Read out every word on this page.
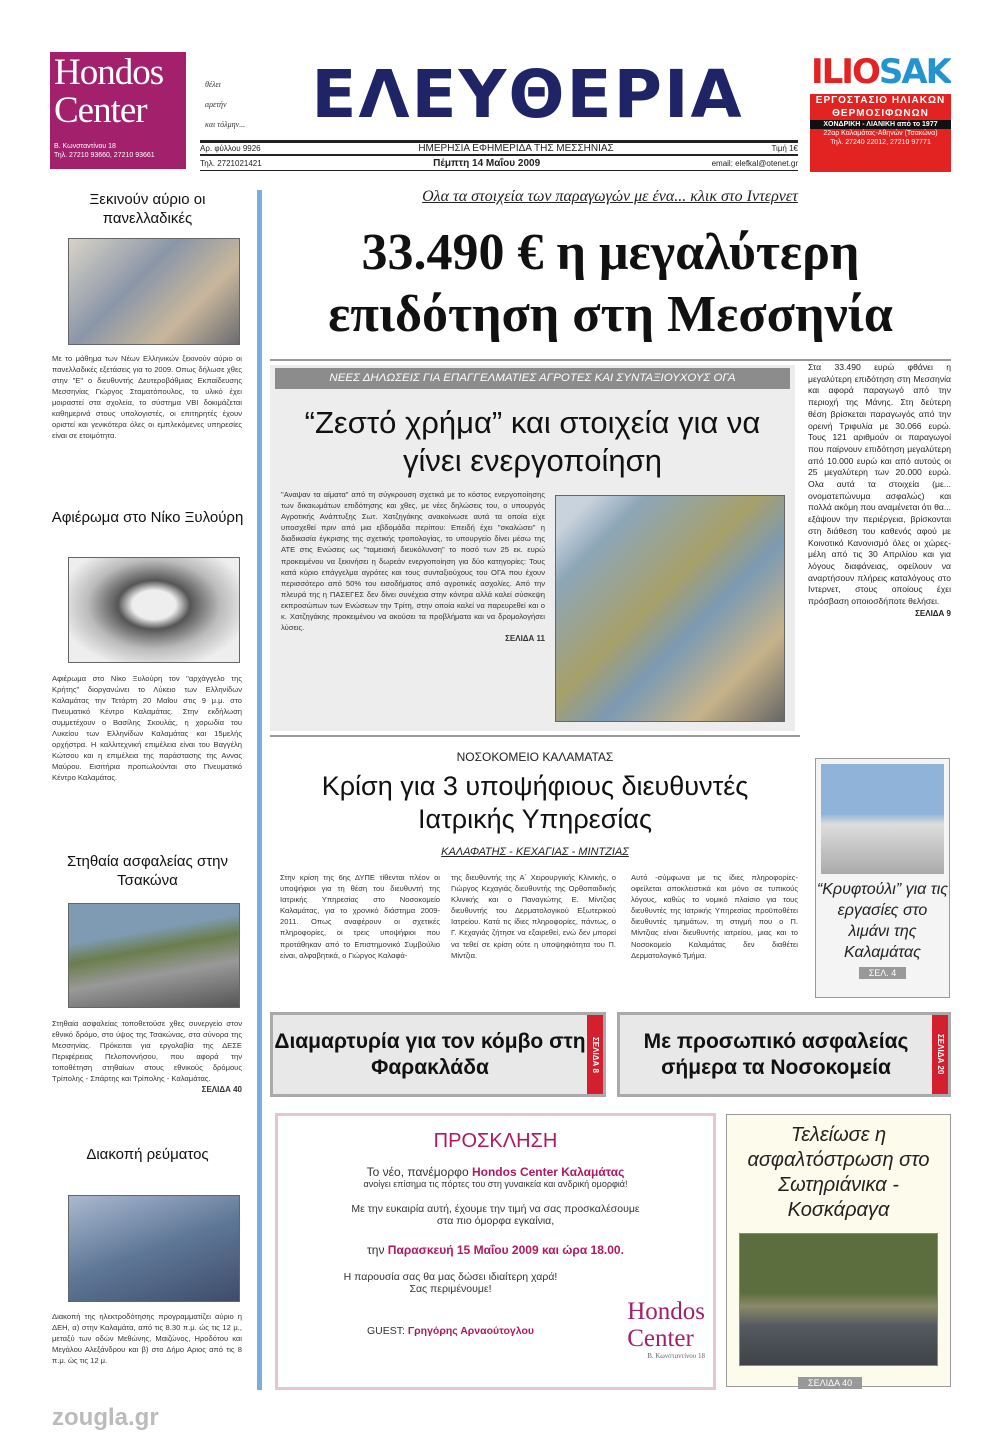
Hondos
Center
Β. Κωνσταντίνου 18
Τηλ. 27210 93660, 27210 93661
θέλει
αρετήν
και τόλμην...	ΕΛΕΥΘΕΡΙΑ
Αρ. φύλλου 9926	ΗΜΕΡΗΣΙΑ ΕΦΗΜΕΡΙΔΑ ΤΗΣ ΜΕΣΣΗΝΙΑΣ	Τιμή 1€
Τηλ. 2721021421	Πέμπτη 14 Μαΐου 2009	email: elefkal@otenet.gr
ILIOSAK
ΕΡΓΟΣΤΑΣΙΟ ΗΛΙΑΚΩΝ
ΘΕΡΜΟΣΙΦΩΝΩΝ
ΧΟΝΔΡΙΚΗ - ΛΙΑΝΙΚΗ από το 1977
22αρ Καλαμάτας-Αθηνών (Τσακώνα)
Τηλ. 27240 22012, 27210 97771
Ξεκινούν αύριο οι πανελλαδικές
Με το μάθημα των Νέων Ελληνικών ξεκινούν αύριο οι πανελλαδικές εξετάσεις για το 2009. Οπως δήλωσε χθες στην "Ε" ο διευθυντής Δευτεροβάθμιας Εκπαίδευσης Μεσσηνίας Γιώργος Σταματόπουλος, το υλικό έχει μοιραστεί στα σχολεία, το σύστημα VBI δοκιμάζεται καθημερινά στους υπολογιστές, οι επιτηρητές έχουν οριστεί και γενικότερα όλες οι εμπλεκόμενες υπηρεσίες είναι σε ετοιμότητα.
Αφιέρωμα στο Νίκο Ξυλούρη
Αφιέρωμα στο Νίκο Ξυλούρη τον "αρχάγγελο της Κρήτης" διοργανώνει το Λύκειο των Ελληνίδων Καλαμάτας την Τετάρτη 20 Μαΐου στις 9 μ.μ. στο Πνευματικό Κέντρο Καλαμάτας. Στην εκδήλωση συμμετέχουν ο Βασίλης Σκουλάς, η χορωδία του Λυκείου των Ελληνίδων Καλαμάτας και 15μελής ορχήστρα. Η καλλιτεχνική επιμέλεια είναι του Βαγγέλη Κώτσου και η επιμέλεια της παράστασης της Αννας Μαύρου. Εισιτήρια προπωλούνται στο Πνευματικό Κέντρο Καλαμάτας.
Στηθαία ασφαλείας στην Τσακώνα
Στηθαία ασφαλείας τοποθετούσε χθες συνεργείο στον εθνικό δρόμο, στο ύψος της Τσακώνας, στα σύνορα της Μεσσηνίας. Πρόκειται για εργολαβία της ΔΕΣΕ Περιφέρειας Πελοποννήσου, που αφορά την τοποθέτηση στηθαίων στους εθνικούς δρόμους Τρίπολης - Σπάρτης και Τρίπολης - Καλαμάτας.
ΣΕΛΙΔΑ 40
Διακοπή ρεύματος
Διακοπή της ηλεκτροδότησης προγραμματίζει αύριο η ΔΕΗ, α) στην Καλαμάτα, από τις 8.30 π.μ. ώς τις 12 μ., μεταξύ των οδών Μεθώνης, Μαιζώνος, Ηροδότου και Μεγάλου Αλεξάνδρου και β) στο Δήμο Αριος από τις 8 π.μ. ώς τις 12 μ.
Ολα τα στοιχεία των παραγωγών με ένα... κλικ στο Ιντερνετ
33.490 € η μεγαλύτερη επιδότηση στη Μεσσηνία
ΝΕΕΣ ΔΗΛΩΣΕΙΣ ΓΙΑ ΕΠΑΓΓΕΛΜΑΤΙΕΣ ΑΓΡΟΤΕΣ ΚΑΙ ΣΥΝΤΑΞΙΟΥΧΟΥΣ ΟΓΑ
“Ζεστό χρήμα” και στοιχεία για να γίνει ενεργοποίηση
"Αναψαν τα αίματα" από τη σύγκρουση σχετικά με το κόστος ενεργοποίησης των δικαιωμάτων επιδότησης και χθες, με νέες δηλώσεις του, ο υπουργός Αγροτικής Ανάπτυξης Σωτ. Χατζηγάκης ανακοίνωσε αυτά τα οποία είχε υποσχεθεί πριν από μια εβδομάδα περίπου: Επειδή έχει "σκαλώσει" η διαδικασία έγκρισης της σχετικής τροπολογίας, το υπουργείο δίνει μέσω της ΑΤΕ στις Ενώσεις ως "ταμειακή διευκόλυνση" το ποσό των 25 εκ. ευρώ προκειμένου να ξεκινήσει η δωρεάν ενεργοποίηση για δύο κατηγορίες: Τους κατά κύριο επάγγελμα αγρότες και τους συνταξιούχους του ΟΓΑ που έχουν περισσότερο από 50% του εισοδήματος από αγροτικές ασχολίες. Από την πλευρά της η ΠΑΣΕΓΕΣ δεν δίνει συνέχεια στην κόντρα αλλά καλεί σύσκεψη εκπροσώπων των Ενώσεων την Τρίτη, στην οποία καλεί να παρευρεθεί και ο κ. Χατζηγάκης προκειμένου να ακούσει τα προβλήματα και να δρομολογήσει λύσεις.
ΣΕΛΙΔΑ 11
Στα 33.490 ευρώ φθάνει η μεγαλύτερη επιδότηση στη Μεσσηνία και αφορά παραγωγό από την περιοχή της Μάνης. Στη δεύτερη θέση βρίσκεται παραγωγός από την ορεινή Τριφυλία με 30.066 ευρώ. Τους 121 αριθμούν οι παραγωγοί που παίρνουν επιδότηση μεγαλύτερη από 10.000 ευρώ και από αυτούς οι 25 μεγαλύτερη των 20.000 ευρώ. Ολα αυτά τα στοιχεία (με... ονοματεπώνυμα ασφαλώς) και πολλά ακόμη που αναμένεται ότι θα... εξάψουν την περιέργεια, βρίσκονται στη διάθεση του καθενός αφού με Κοινοτικό Κανονισμό όλες οι χώρες-μέλη από τις 30 Απριλίου και για λόγους διαφάνειας, οφείλουν να αναρτήσουν πλήρεις καταλόγους στο Ιντερνετ, στους οποίους έχει πρόσβαση οποιοσδήποτε θελήσει.
ΣΕΛΙΔΑ 9
ΝΟΣΟΚΟΜΕΙΟ ΚΑΛΑΜΑΤΑΣ
Κρίση για 3 υποψήφιους διευθυντές Ιατρικής Υπηρεσίας
ΚΑΛΑΦΑΤΗΣ - ΚΕΧΑΓΙΑΣ - ΜΙΝΤΖΙΑΣ
Στην κρίση της 6ης ΔΥΠΕ τίθενται πλέον οι υποψήφιοι για τη θέση του διευθυντή της Ιατρικής Υπηρεσίας στο Νοσοκομείο Καλαμάτας, για το χρονικό διάστημα 2009-2011. Οπως αναφέρουν οι σχετικές πληροφορίες, οι τρεις υποψήφιοι που προτάθηκαν από το Επιστημονικό Συμβούλιο είναι, αλφαβητικά, ο Γιώργος Καλαφά-
της διευθυντής της Α΄ Χειρουργικής Κλινικής, ο Γιώργος Κεχαγιάς διευθυντής της Ορθοπαιδικής Κλινικής και ο Παναγιώτης Ε. Μίντζιας διευθυντής του Δερματολογικού Εξωτερικού Ιατρείου. Κατά τις ίδιες πληροφορίες, πάντως, ο Γ. Κεχαγιάς ζήτησε να εξαιρεθεί, ενώ δεν μπορεί να τεθεί σε κρίση ούτε η υποψηφιότητα του Π. Μίντζια.
Αυτό -σύμφωνα με τις ίδιες πληροφορίες- οφείλεται αποκλειστικά και μόνο σε τυπικούς λόγους, καθώς το νομικό πλαίσιο για τους διευθυντές της Ιατρικής Υπηρεσίας προϋποθέτει διευθυντές τμημάτων, τη στιγμή που ο Π. Μίντζιας είναι διευθυντής ιατρείου, μιας και το Νοσοκομείο Καλαμάτας δεν διαθέτει Δερματολογικό Τμήμα.
“Κρυφτούλι” για τις εργασίες στο λιμάνι της Καλαμάτας
ΣΕΛ. 4
Διαμαρτυρία για τον κόμβο στη Φαρακλάδα	ΣΕΛΙΔΑ 8	Με προσωπικό ασφαλείας σήμερα τα Νοσοκομεία	ΣΕΛΙΔΑ 20
ΠΡΟΣΚΛΗΣΗ
Το νέο, πανέμορφο Hondos Center Καλαμάτας
ανοίγει επίσημα τις πόρτες του στη γυναικεία και ανδρική ομορφιά!
Με την ευκαιρία αυτή, έχουμε την τιμή να σας προσκαλέσουμε
στα πιο όμορφα εγκαίνια,
την Παρασκευή 15 Μαΐου 2009 και ώρα 18.00.
Η παρουσία σας θα μας δώσει ιδιαίτερη χαρά!
Σας περιμένουμε!
GUEST: Γρηγόρης Αρναούτογλου
Hondos
Center
Β. Κωνσταντίνου 18
Τελείωσε η ασφαλτόστρωση στο Σωτηριάνικα - Κοσκάραγα
ΣΕΛΙΔΑ 40
zougla.gr
